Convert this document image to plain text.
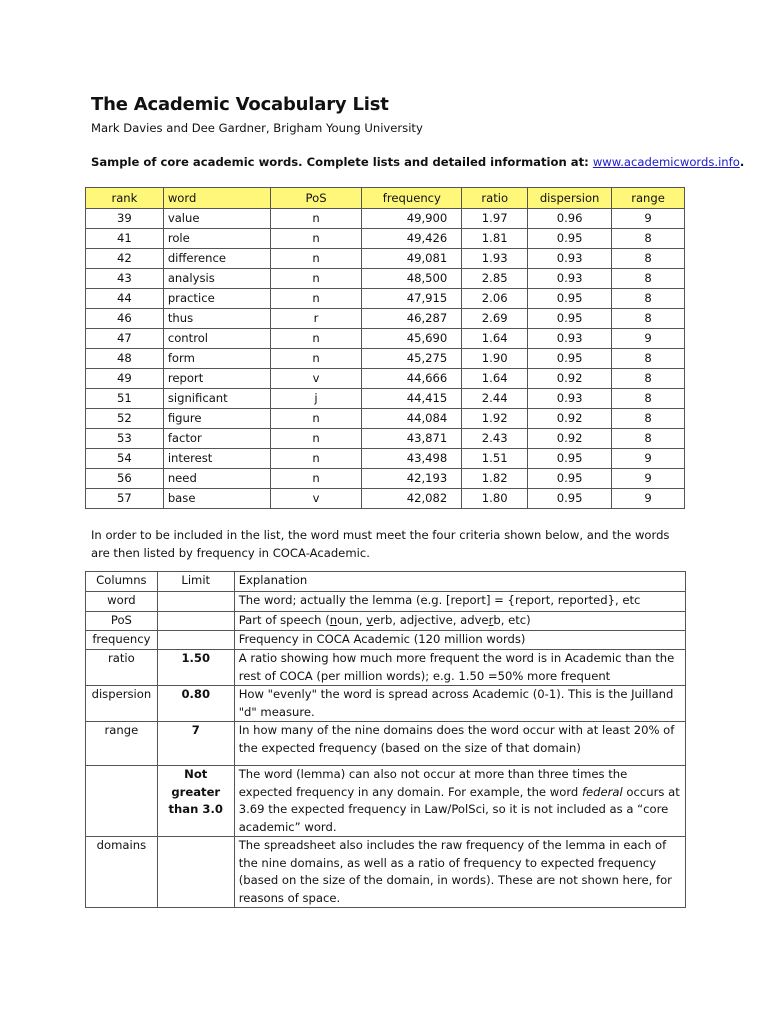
The Academic Vocabulary List
Mark Davies and Dee Gardner, Brigham Young University
Sample of core academic words. Complete lists and detailed information at: www.academicwords.info.
rank	word	PoS	frequency	ratio	dispersion	range
39	value	n	49,900	1.97	0.96	9
41	role	n	49,426	1.81	0.95	8
42	difference	n	49,081	1.93	0.93	8
43	analysis	n	48,500	2.85	0.93	8
44	practice	n	47,915	2.06	0.95	8
46	thus	r	46,287	2.69	0.95	8
47	control	n	45,690	1.64	0.93	9
48	form	n	45,275	1.90	0.95	8
49	report	v	44,666	1.64	0.92	8
51	significant	j	44,415	2.44	0.93	8
52	figure	n	44,084	1.92	0.92	8
53	factor	n	43,871	2.43	0.92	8
54	interest	n	43,498	1.51	0.95	9
56	need	n	42,193	1.82	0.95	9
57	base	v	42,082	1.80	0.95	9
In order to be included in the list, the word must meet the four criteria shown below, and the words are then listed by frequency in COCA-Academic.
Columns	Limit	Explanation
word		The word; actually the lemma (e.g. [report] = {report, reported}, etc
PoS		Part of speech (noun, verb, adjective, adverb, etc)
frequency		Frequency in COCA Academic (120 million words)
ratio	1.50	A ratio showing how much more frequent the word is in Academic than the rest of COCA (per million words); e.g. 1.50 =50% more frequent
dispersion	0.80	How "evenly" the word is spread across Academic (0-1). This is the Juilland "d" measure.
range	7	In how many of the nine domains does the word occur with at least 20% of the expected frequency (based on the size of that domain)
	Not greater than 3.0	The word (lemma) can also not occur at more than three times the expected frequency in any domain. For example, the word federal occurs at 3.69 the expected frequency in Law/PolSci, so it is not included as a “core academic” word.
domains		The spreadsheet also includes the raw frequency of the lemma in each of the nine domains, as well as a ratio of frequency to expected frequency (based on the size of the domain, in words). These are not shown here, for reasons of space.
